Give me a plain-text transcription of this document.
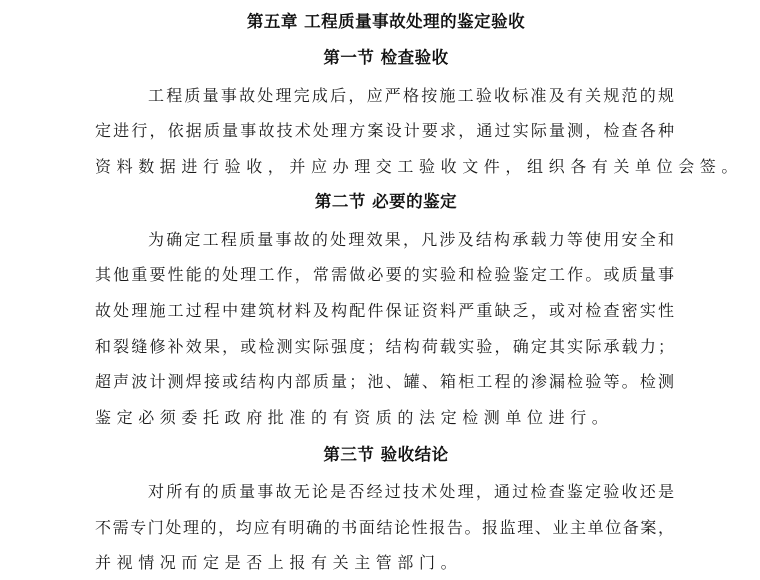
第五章 工程质量事故处理的鉴定验收
第一节 检查验收
工程质量事故处理完成后，应严格按施工验收标准及有关规范的规
定进行，依据质量事故技术处理方案设计要求，通过实际量测，检查各种
资料数据进行验收，并应办理交工验收文件，组织各有关单位会签。
第二节 必要的鉴定
为确定工程质量事故的处理效果，凡涉及结构承载力等使用安全和
其他重要性能的处理工作，常需做必要的实验和检验鉴定工作。或质量事
故处理施工过程中建筑材料及构配件保证资料严重缺乏，或对检查密实性
和裂缝修补效果，或检测实际强度；结构荷载实验，确定其实际承载力；
超声波计测焊接或结构内部质量；池、罐、箱柜工程的渗漏检验等。检测
鉴定必须委托政府批准的有资质的法定检测单位进行。
第三节 验收结论
对所有的质量事故无论是否经过技术处理，通过检查鉴定验收还是
不需专门处理的，均应有明确的书面结论性报告。报监理、业主单位备案，
并视情况而定是否上报有关主管部门。
